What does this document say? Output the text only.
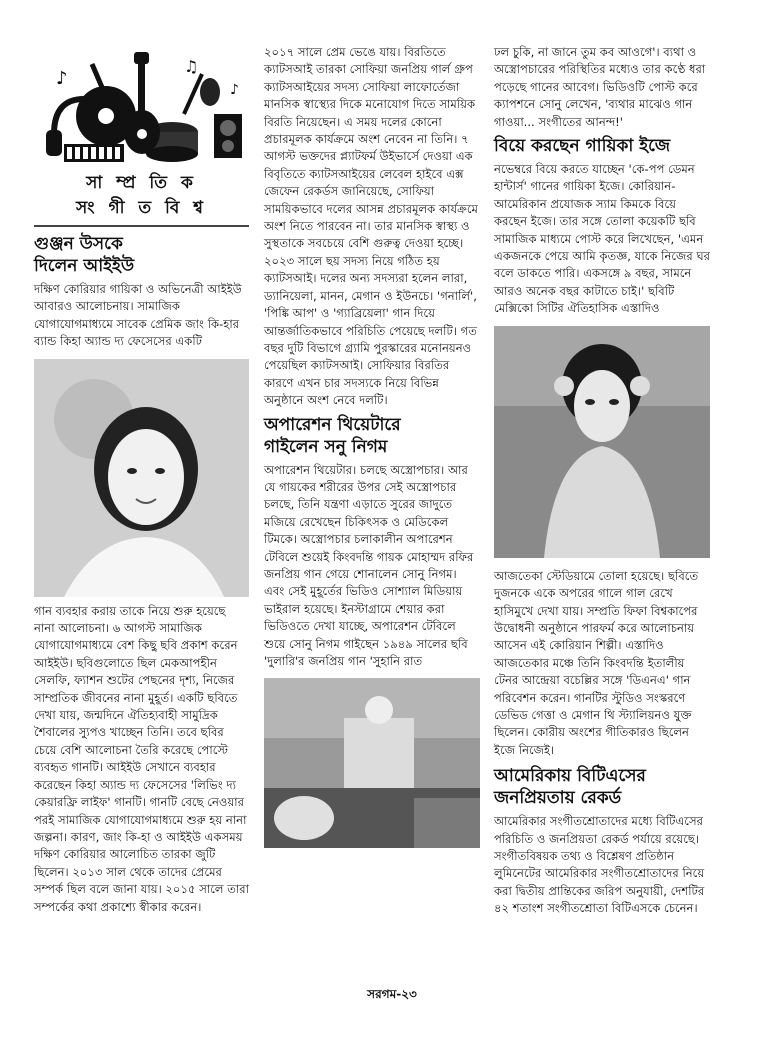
♪
♫
♪
সা ম্প্র তি ক
সং গী ত বি শ্ব
গুঞ্জন উসকে
দিলেন আইইউ

দক্ষিণ কোরিয়ার গায়িকা ও অভিনেত্রী আইইউ আবারও আলোচনায়। সামাজিক যোগাযোগমাধ্যমে সাবেক প্রেমিক জাং কি-হার ব্যান্ড কিহা অ্যান্ড দ্য ফেসেসের একটি

গান ব্যবহার করায় তাকে নিয়ে শুরু হয়েছে নানা আলোচনা। ৬ আগস্ট সামাজিক যোগাযোগমাধ্যমে বেশ কিছু ছবি প্রকাশ করেন আইইউ। ছবিগুলোতে ছিল মেকআপহীন সেলফি, ফ্যাশন শুটের পেছনের দৃশ্য, নিজের সাম্প্রতিক জীবনের নানা মুহূর্ত। একটি ছবিতে দেখা যায়, জন্মদিনে ঐতিহ্যবাহী সামুদ্রিক শৈবালের স্যুপও খাচ্ছেন তিনি। তবে ছবির চেয়ে বেশি আলোচনা তৈরি করেছে পোস্টে ব্যবহৃত গানটি। আইইউ সেখানে ব্যবহার করেছেন কিহা অ্যান্ড দ্য ফেসেসের 'লিভিং দ্য কেয়ারফ্রি লাইফ' গানটি। গানটি বেছে নেওয়ার পরই সামাজিক যোগাযোগমাধ্যমে শুরু হয় নানা জল্পনা। কারণ, জাং কি-হা ও আইইউ একসময় দক্ষিণ কোরিয়ার আলোচিত তারকা জুটি ছিলেন। ২০১৩ সাল থেকে তাদের প্রেমের সম্পর্ক ছিল বলে জানা যায়। ২০১৫ সালে তারা সম্পর্কের কথা প্রকাশ্যে স্বীকার করেন।

২০১৭ সালে প্রেম ভেঙে যায়। বিরতিতে ক্যাটসআই তারকা সোফিয়া জনপ্রিয় গার্ল গ্রুপ ক্যাটসআইয়ের সদস্য সোফিয়া লাফোর্তেজা মানসিক স্বাস্থ্যের দিকে মনোযোগ দিতে সাময়িক বিরতি নিয়েছেন। এ সময় দলের কোনো প্রচারমূলক কার্যক্রমে অংশ নেবেন না তিনি। ৭ আগস্ট ভক্তদের প্ল্যাটফর্ম উইভার্সে দেওয়া এক বিবৃতিতে ক্যাটসআইয়ের লেবেল হাইবে এক্স জেফেন রেকর্ডস জানিয়েছে, সোফিয়া সাময়িকভাবে দলের আসন্ন প্রচারমূলক কার্যক্রমে অংশ নিতে পারবেন না। তার মানসিক স্বাস্থ্য ও সুস্থতাকে সবচেয়ে বেশি গুরুত্ব দেওয়া হচ্ছে। ২০২৩ সালে ছয় সদস্য নিয়ে গঠিত হয় ক্যাটসআই। দলের অন্য সদস্যরা হলেন লারা, ড্যানিয়েলা, মানন, মেগান ও ইউনচে। 'গনার্লি', 'পিঙ্কি আপ' ও 'গ্যাব্রিয়েলা' গান দিয়ে আন্তর্জাতিকভাবে পরিচিতি পেয়েছে দলটি। গত বছর দুটি বিভাগে গ্র্যামি পুরস্কারের মনোনয়নও পেয়েছিল ক্যাটসআই। সোফিয়ার বিরতির কারণে এখন চার সদস্যকে নিয়ে বিভিন্ন অনুষ্ঠানে অংশ নেবে দলটি।

অপারেশন থিয়েটারে
গাইলেন সনু নিগম

অপারেশন থিয়েটার। চলছে অস্ত্রোপচার। আর যে গায়কের শরীরের উপর সেই অস্ত্রোপচার চলছে, তিনি যন্ত্রণা এড়াতে সুরের জাদুতে মজিয়ে রেখেছেন চিকিৎসক ও মেডিকেল টিমকে। অস্ত্রোপচার চলাকালীন অপারেশন টেবিলে শুয়েই কিংবদন্তি গায়ক মোহাম্মদ রফির জনপ্রিয় গান গেয়ে শোনালেন সোনু নিগম। এবং সেই মুহূর্তের ভিডিও সোশ্যাল মিডিয়ায় ভাইরাল হয়েছে। ইনস্টাগ্রামে শেয়ার করা ভিডিওতে দেখা যাচ্ছে, অপারেশন টেবিলে শুয়ে সোনু নিগম গাইছেন ১৯৪৯ সালের ছবি 'দুলারি'র জনপ্রিয় গান 'সুহানি রাত

ঢল চুকি, না জানে তুম কব আওগে'। ব্যথা ও অস্ত্রোপচারের পরিস্থিতির মধ্যেও তার কণ্ঠে ধরা পড়েছে গানের আবেগ। ভিডিওটি পোস্ট করে ক্যাপশনে সোনু লেখেন, 'ব্যথার মাঝেও গান গাওয়া... সংগীতের আনন্দ!'

বিয়ে করছেন গায়িকা ইজে

নভেম্বরে বিয়ে করতে যাচ্ছেন 'কে-পপ ডেমন হান্টার্স' গানের গায়িকা ইজে। কোরিয়ান-আমেরিকান প্রযোজক স্যাম কিমকে বিয়ে করছেন ইজে। তার সঙ্গে তোলা কয়েকটি ছবি সামাজিক মাধ্যমে পোস্ট করে লিখেছেন, 'এমন একজনকে পেয়ে আমি কৃতজ্ঞ, যাকে নিজের ঘর বলে ডাকতে পারি। একসঙ্গে ৯ বছর, সামনে আরও অনেক বছর কাটাতে চাই।' ছবিটি মেক্সিকো সিটির ঐতিহাসিক এস্তাদিও

আজতেকা স্টেডিয়ামে তোলা হয়েছে। ছবিতে দুজনকে একে অপরের গালে গাল রেখে হাসিমুখে দেখা যায়। সম্প্রতি ফিফা বিশ্বকাপের উদ্বোধনী অনুষ্ঠানে পারফর্ম করে আলোচনায় আসেন এই কোরিয়ান শিল্পী। এস্তাদিও আজতেকার মঞ্চে তিনি কিংবদন্তি ইতালীয় টেনর আন্দ্রেয়া বচেল্লির সঙ্গে 'ডিএনএ' গান পরিবেশন করেন। গানটির স্টুডিও সংস্করণে ডেভিড গেত্তা ও মেগান থি স্ট্যালিয়নও যুক্ত ছিলেন। কোরীয় অংশের গীতিকারও ছিলেন ইজে নিজেই।

আমেরিকায় বিটিএসের
জনপ্রিয়তায় রেকর্ড

আমেরিকার সংগীতশ্রোতাদের মধ্যে বিটিএসের পরিচিতি ও জনপ্রিয়তা রেকর্ড পর্যায়ে রয়েছে। সংগীতবিষয়ক তথ্য ও বিশ্লেষণ প্রতিষ্ঠান লুমিনেটের আমেরিকার সংগীতশ্রোতাদের নিয়ে করা দ্বিতীয় প্রান্তিকের জরিপ অনুযায়ী, দেশটির ৪২ শতাংশ সংগীতশ্রোতা বিটিএসকে চেনেন।

সরগম-২৩
